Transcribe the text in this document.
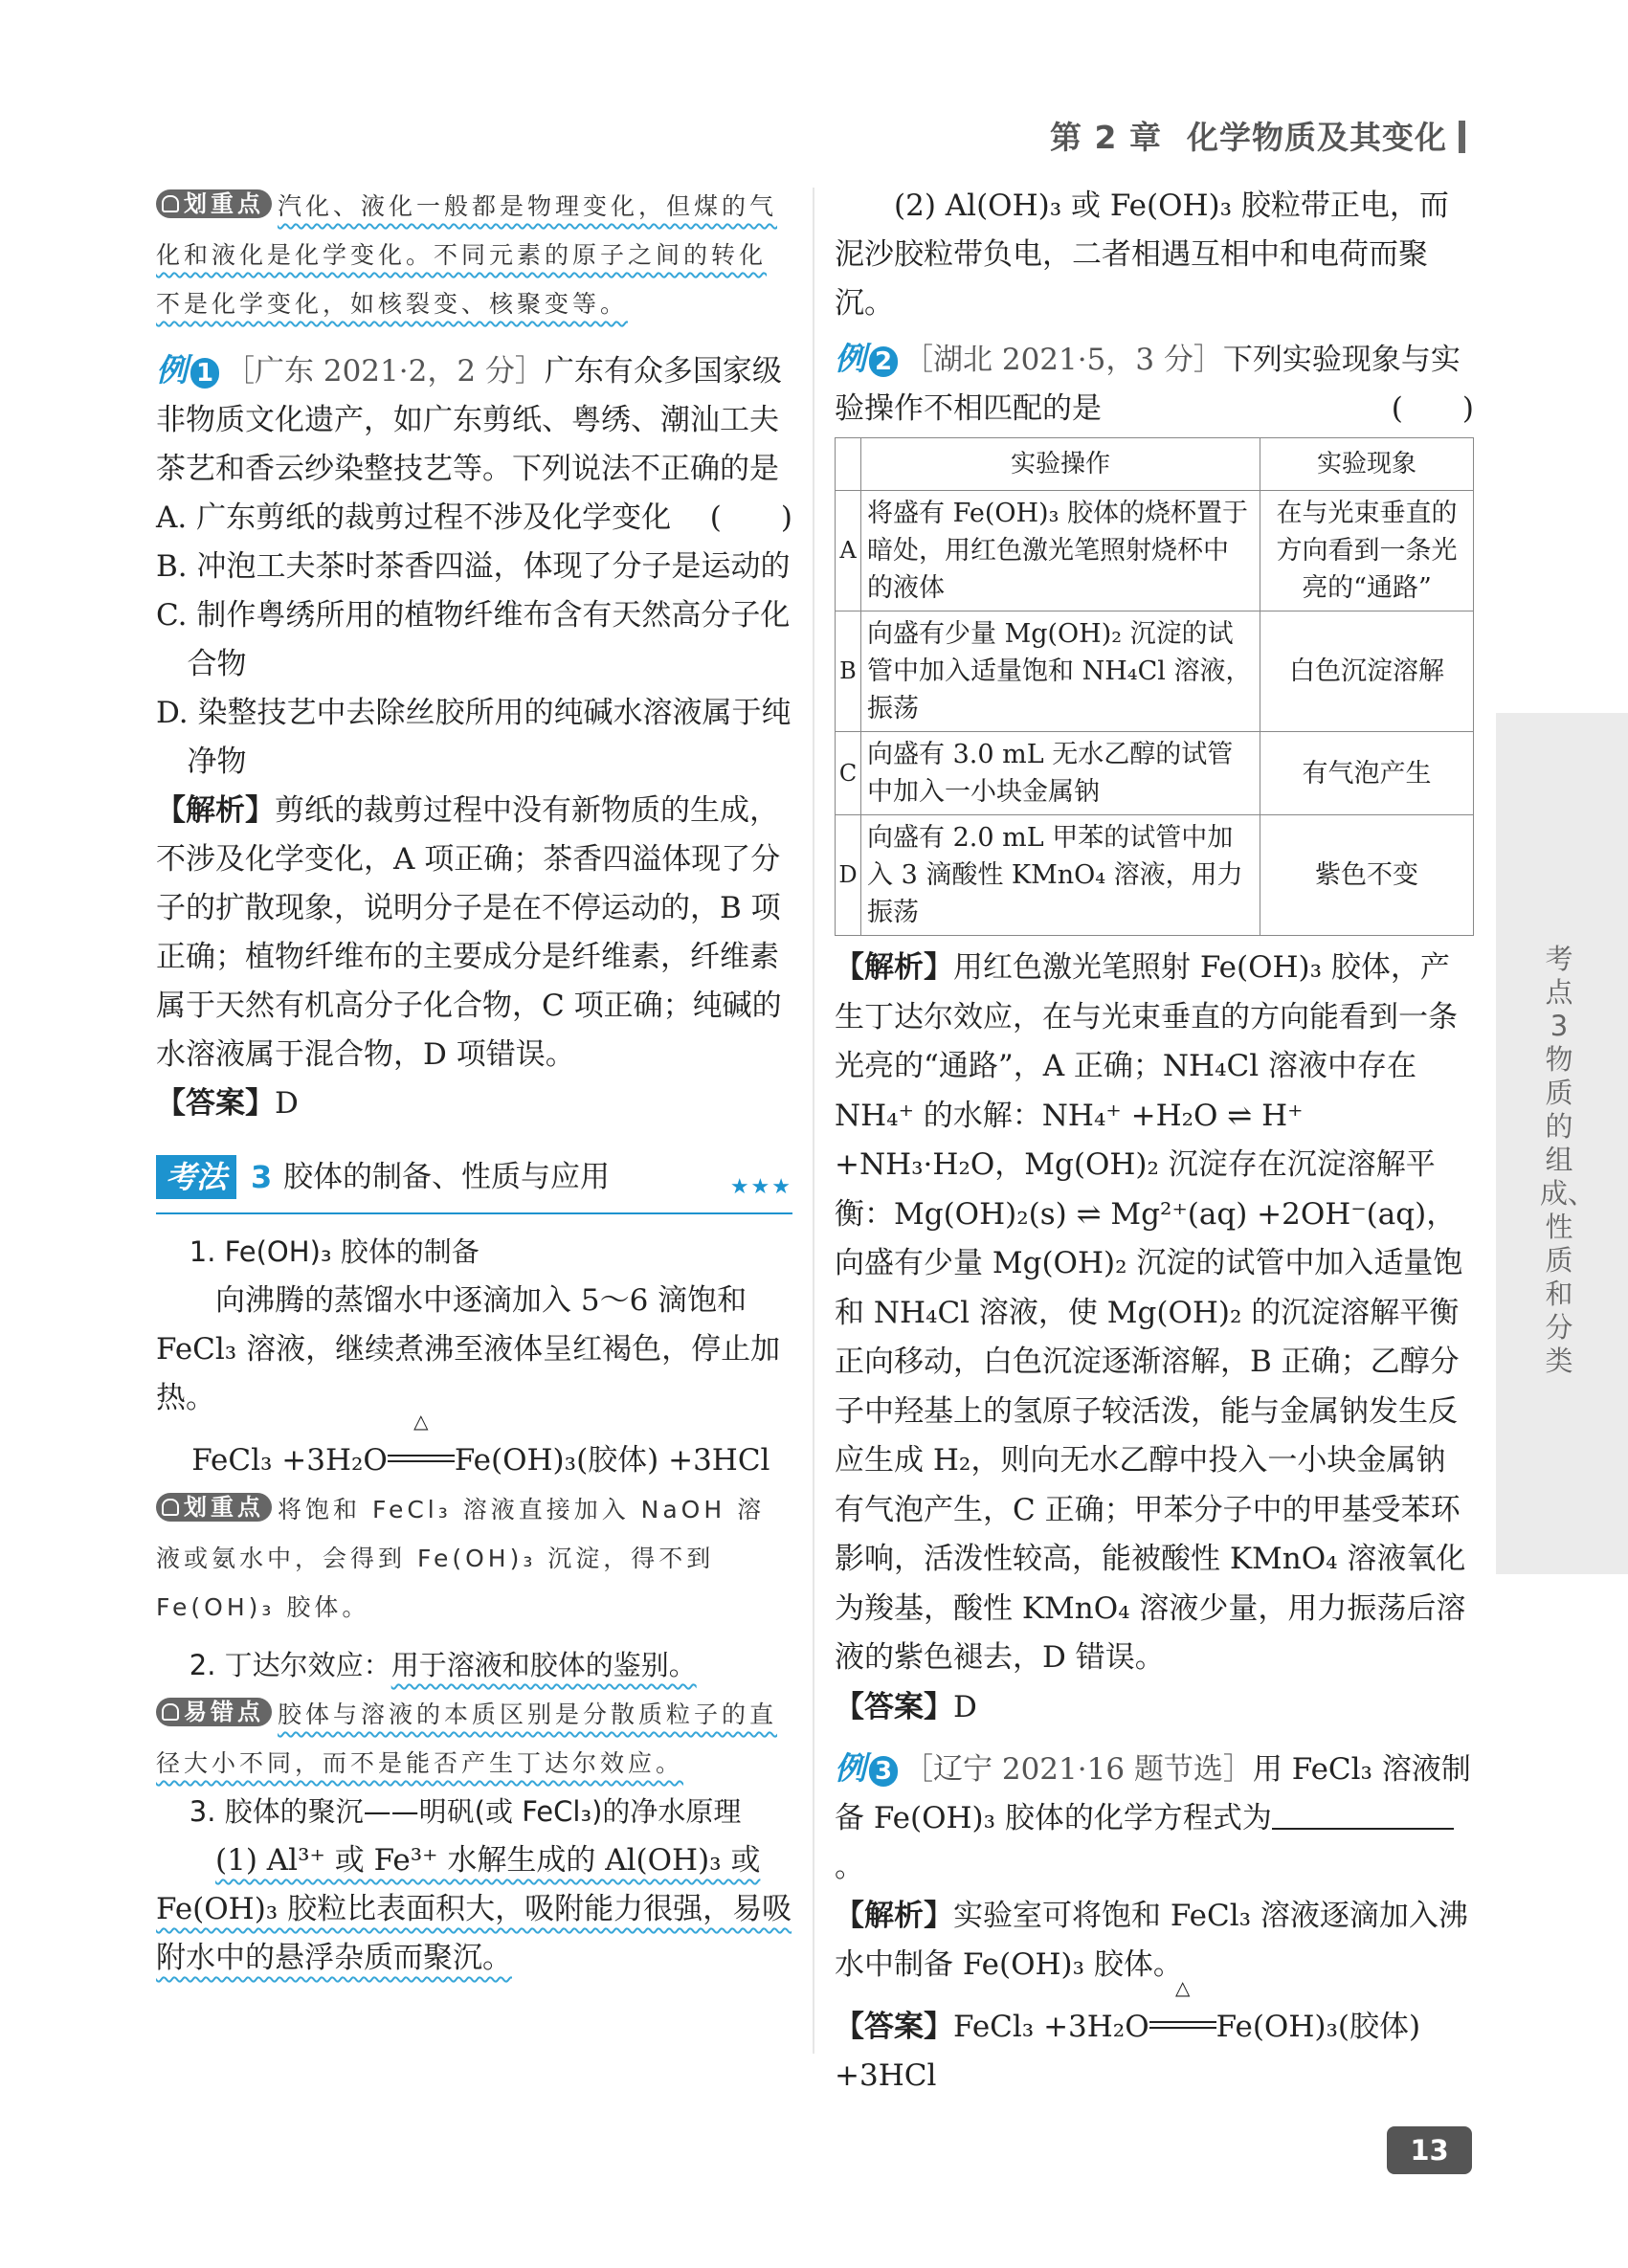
第 2 章 化学物质及其变化

划重点 汽化、液化一般都是物理变化，但煤的气化和液化是化学变化。不同元素的原子之间的转化不是化学变化，如核裂变、核聚变等。

例 1 ［广东 2021·2，2 分］广东有众多国家级非物质文化遗产，如广东剪纸、粤绣、潮汕工夫茶艺和香云纱染整技艺等。下列说法不正确的是
(　　)

A. 广东剪纸的裁剪过程不涉及化学变化

B. 冲泡工夫茶时茶香四溢，体现了分子是运动的

C. 制作粤绣所用的植物纤维布含有天然高分子化合物

D. 染整技艺中去除丝胶所用的纯碱水溶液属于纯净物

【解析】剪纸的裁剪过程中没有新物质的生成，不涉及化学变化，A 项正确；茶香四溢体现了分子的扩散现象，说明分子是在不停运动的，B 项正确；植物纤维布的主要成分是纤维素，纤维素属于天然有机高分子化合物，C 项正确；纯碱的水溶液属于混合物，D 项错误。

【答案】D

考法 3 胶体的制备、性质与应用	★★★

1. Fe(OH)₃ 胶体的制备

向沸腾的蒸馏水中逐滴加入 5～6 滴饱和 FeCl₃ 溶液，继续煮沸至液体呈红褐色，停止加热。

FeCl₃ +3H₂O
△
Fe(OH)₃(胶体) +3HCl

划重点 将饱和 FeCl₃ 溶液直接加入 NaOH 溶液或氨水中，会得到 Fe(OH)₃ 沉淀，得不到 Fe(OH)₃ 胶体。

2. 丁达尔效应：用于溶液和胶体的鉴别。

易错点 胶体与溶液的本质区别是分散质粒子的直径大小不同，而不是能否产生丁达尔效应。

3. 胶体的聚沉——明矾(或 FeCl₃)的净水原理

(1) Al³⁺ 或 Fe³⁺ 水解生成的 Al(OH)₃ 或 Fe(OH)₃ 胶粒比表面积大，吸附能力很强，易吸附水中的悬浮杂质而聚沉。

(2) Al(OH)₃ 或 Fe(OH)₃ 胶粒带正电，而泥沙胶粒带负电，二者相遇互相中和电荷而聚沉。

例 2 ［湖北 2021·5，3 分］下列实验现象与实验操作不相匹配的是	(　　)

	实验操作	实验现象
A	将盛有 Fe(OH)₃ 胶体的烧杯置于暗处，用红色激光笔照射烧杯中的液体	在与光束垂直的方向看到一条光亮的“通路”
B	向盛有少量 Mg(OH)₂ 沉淀的试管中加入适量饱和 NH₄Cl 溶液，振荡	白色沉淀溶解
C	向盛有 3.0 mL 无水乙醇的试管中加入一小块金属钠	有气泡产生
D	向盛有 2.0 mL 甲苯的试管中加入 3 滴酸性 KMnO₄ 溶液，用力振荡	紫色不变

【解析】用红色激光笔照射 Fe(OH)₃ 胶体，产生丁达尔效应，在与光束垂直的方向能看到一条光亮的“通路”，A 正确；NH₄Cl 溶液中存在 NH₄⁺ 的水解：NH₄⁺ +H₂O ⇌ H⁺ +NH₃·H₂O，Mg(OH)₂ 沉淀存在沉淀溶解平衡：Mg(OH)₂(s) ⇌ Mg²⁺(aq) +2OH⁻(aq)，向盛有少量 Mg(OH)₂ 沉淀的试管中加入适量饱和 NH₄Cl 溶液，使 Mg(OH)₂ 的沉淀溶解平衡正向移动，白色沉淀逐渐溶解，B 正确；乙醇分子中羟基上的氢原子较活泼，能与金属钠发生反应生成 H₂，则向无水乙醇中投入一小块金属钠有气泡产生，C 正确；甲苯分子中的甲基受苯环影响，活泼性较高，能被酸性 KMnO₄ 溶液氧化为羧基，酸性 KMnO₄ 溶液少量，用力振荡后溶液的紫色褪去，D 错误。

【答案】D

例 3 ［辽宁 2021·16 题节选］用 FeCl₃ 溶液制备 Fe(OH)₃ 胶体的化学方程式为。

【解析】实验室可将饱和 FeCl₃ 溶液逐滴加入沸水中制备 Fe(OH)₃ 胶体。

【答案】FeCl₃ +3H₂O
△
Fe(OH)₃(胶体) +3HCl

考点3　物质的组成、性质和分类
13
